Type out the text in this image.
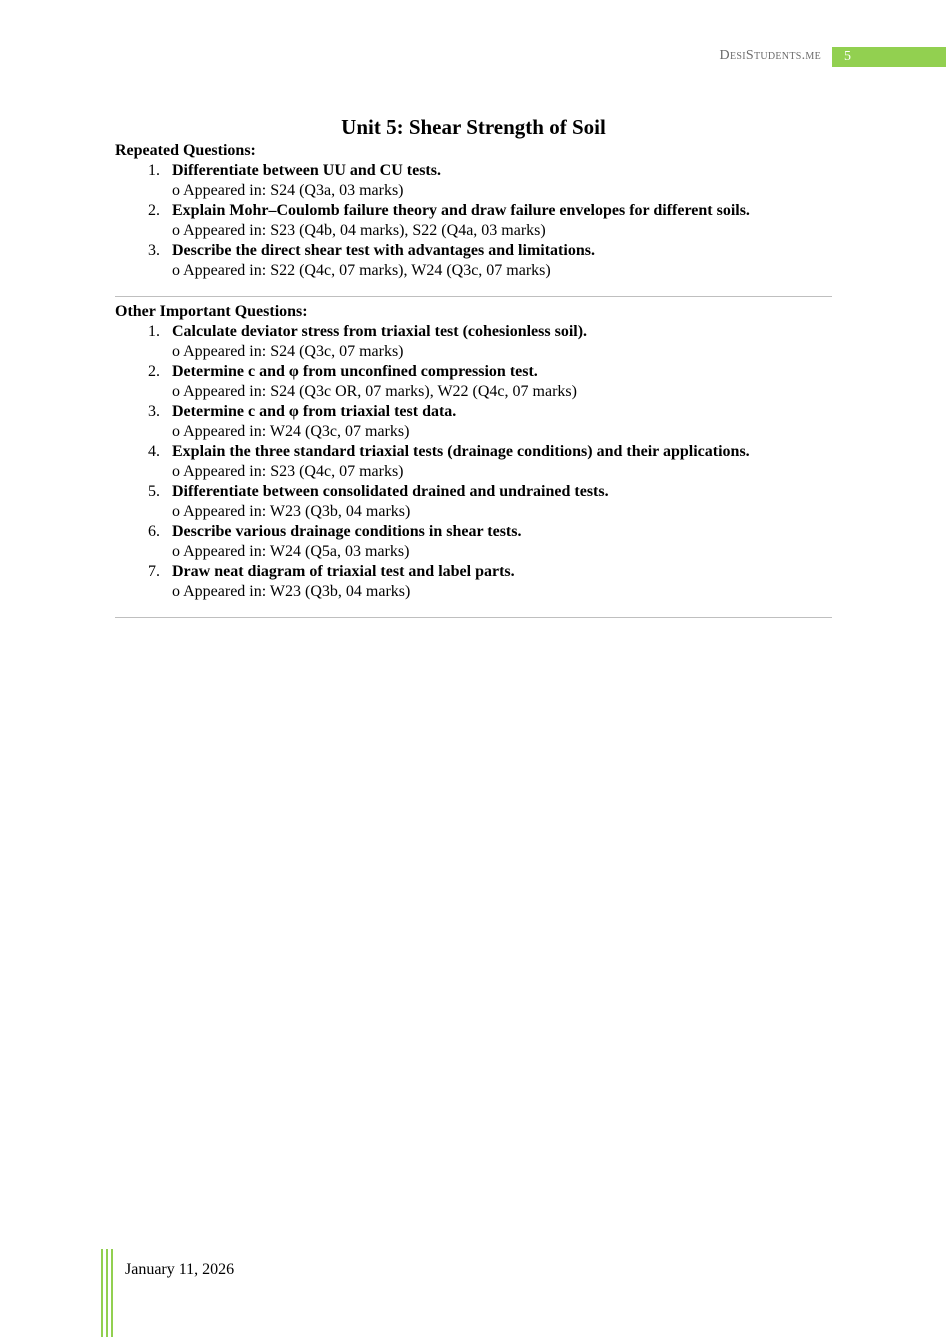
DesiStudents.me	5
Unit 5: Shear Strength of Soil
Repeated Questions:
1. Differentiate between UU and CU tests.
o Appeared in: S24 (Q3a, 03 marks)
2. Explain Mohr–Coulomb failure theory and draw failure envelopes for different soils.
o Appeared in: S23 (Q4b, 04 marks), S22 (Q4a, 03 marks)
3. Describe the direct shear test with advantages and limitations.
o Appeared in: S22 (Q4c, 07 marks), W24 (Q3c, 07 marks)
Other Important Questions:
1. Calculate deviator stress from triaxial test (cohesionless soil).
o Appeared in: S24 (Q3c, 07 marks)
2. Determine c and φ from unconfined compression test.
o Appeared in: S24 (Q3c OR, 07 marks), W22 (Q4c, 07 marks)
3. Determine c and φ from triaxial test data.
o Appeared in: W24 (Q3c, 07 marks)
4. Explain the three standard triaxial tests (drainage conditions) and their applications.
o Appeared in: S23 (Q4c, 07 marks)
5. Differentiate between consolidated drained and undrained tests.
o Appeared in: W23 (Q3b, 04 marks)
6. Describe various drainage conditions in shear tests.
o Appeared in: W24 (Q5a, 03 marks)
7. Draw neat diagram of triaxial test and label parts.
o Appeared in: W23 (Q3b, 04 marks)
January 11, 2026
